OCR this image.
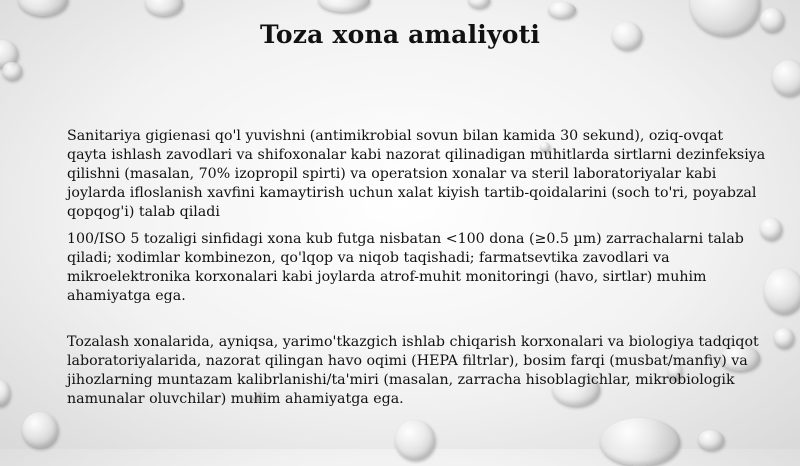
Toza xona amaliyoti

Sanitariya gigienasi qo'l yuvishni (antimikrobial sovun bilan kamida 30 sekund), oziq-ovqat qayta ishlash zavodlari va shifoxonalar kabi nazorat qilinadigan muhitlarda sirtlarni dezinfeksiya qilishni (masalan, 70% izopropil spirti) va operatsion xonalar va steril laboratoriyalar kabi joylarda ifloslanish xavfini kamaytirish uchun xalat kiyish tartib-qoidalarini (soch to'ri, poyabzal qopqog'i) talab qiladi

100/ISO 5 tozaligi sinfidagi xona kub futga nisbatan <100 dona (≥0.5 µm) zarrachalarni talab qiladi; xodimlar kombinezon, qo'lqop va niqob taqishadi; farmatsevtika zavodlari va mikroelektronika korxonalari kabi joylarda atrof-muhit monitoringi (havo, sirtlar) muhim ahamiyatga ega.

Tozalash xonalarida, ayniqsa, yarimo'tkazgich ishlab chiqarish korxonalari va biologiya tadqiqot laboratoriyalarida, nazorat qilingan havo oqimi (HEPA filtrlar), bosim farqi (musbat/manfiy) va jihozlarning muntazam kalibrlanishi/ta'miri (masalan, zarracha hisoblagichlar, mikrobiologik namunalar oluvchilar) muhim ahamiyatga ega.
